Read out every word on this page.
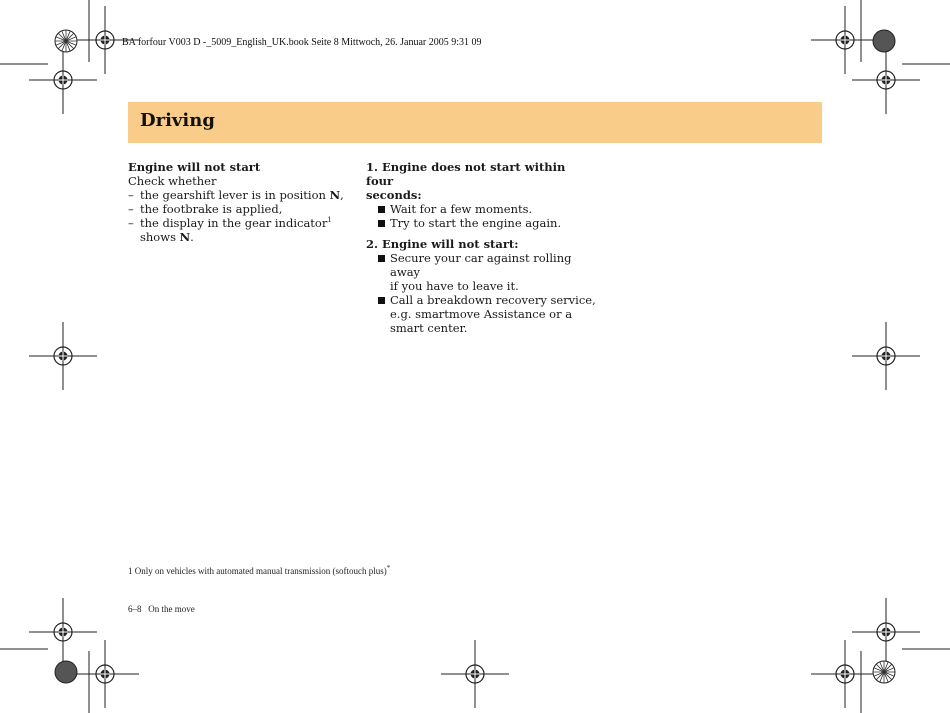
BA forfour V003 D -_5009_English_UK.book Seite 8 Mittwoch, 26. Januar 2005 9:31 09
Driving
Engine will not start
Check whether
– the gearshift lever is in position N,
– the footbrake is applied,
– the display in the gear indicator$^1$
shows N.
1. Engine does not start within four
seconds:
Wait for a few moments.
Try to start the engine again.
2. Engine will not start:
Secure your car against rolling away
if you have to leave it.
Call a breakdown recovery service,
e.g. smartmove Assistance or a
smart center.
1 Only on vehicles with automated manual transmission (softouch plus)*
6–8 On the move
